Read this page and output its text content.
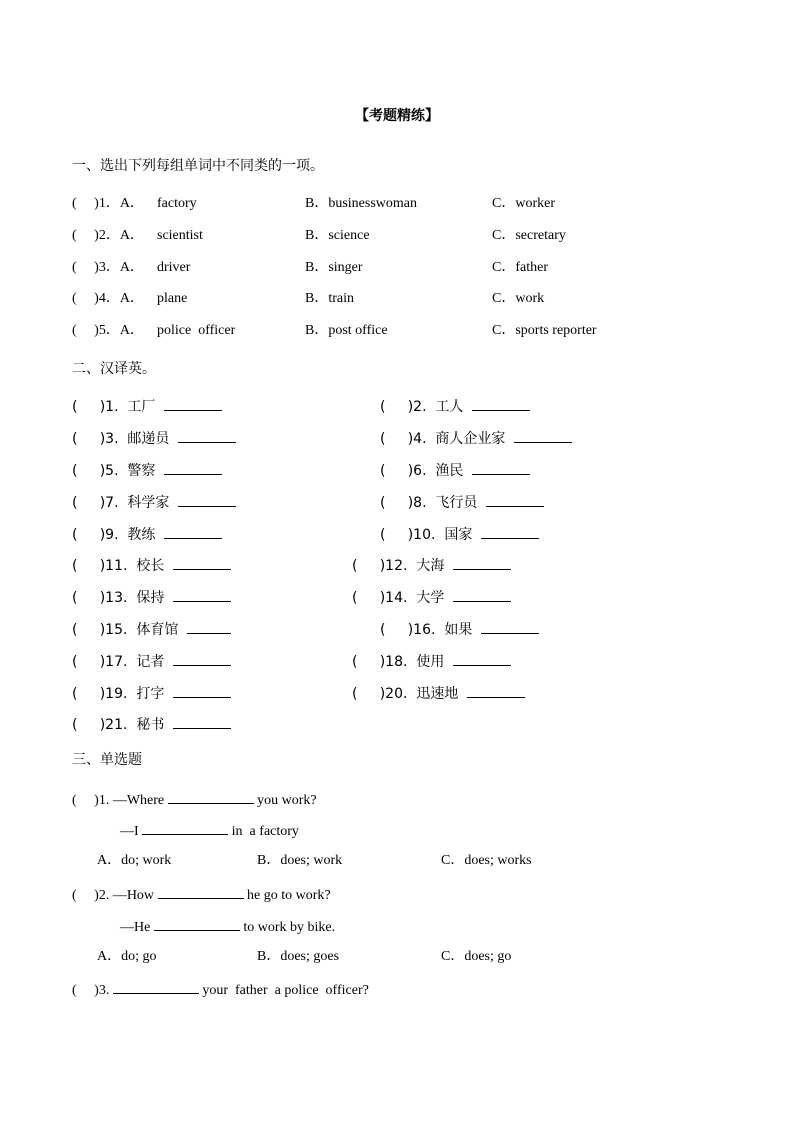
【考题精练】
一、选出下列每组单词中不同类的一项。
(     )1．A． factory	B．businesswoman	C．worker
(     )2．A． scientist	B．science	C．secretary
(     )3．A． driver	B．singer	C．father
(     )4．A． plane	B．train	C．work
(     )5．A． police  officer	B．post office	C．sports reporter
二、汉译英。
(     )1.  工厂	(     )2.  工人
(     )3.  邮递员	(     )4.  商人企业家
(     )5.  警察	(     )6.  渔民
(     )7.  科学家	(     )8.  飞行员
(     )9.  教练	(     )10.  国家
(     )11.  校长	(     )12.  大海
(     )13.  保持	(     )14.  大学
(     )15.  体育馆	(     )16.  如果
(     )17.  记者	(     )18.  使用
(     )19.  打字	(     )20.  迅速地
(     )21.  秘书
三、单选题
(     )1. —Where	you work?
—I	in  a factory
A．do; work	B．does; work	C．does; works
(     )2. —How	he go to work?
—He	to work by bike.
A．do; go	B．does; goes	C．does; go
(     )3.	your  father  a police  officer?
